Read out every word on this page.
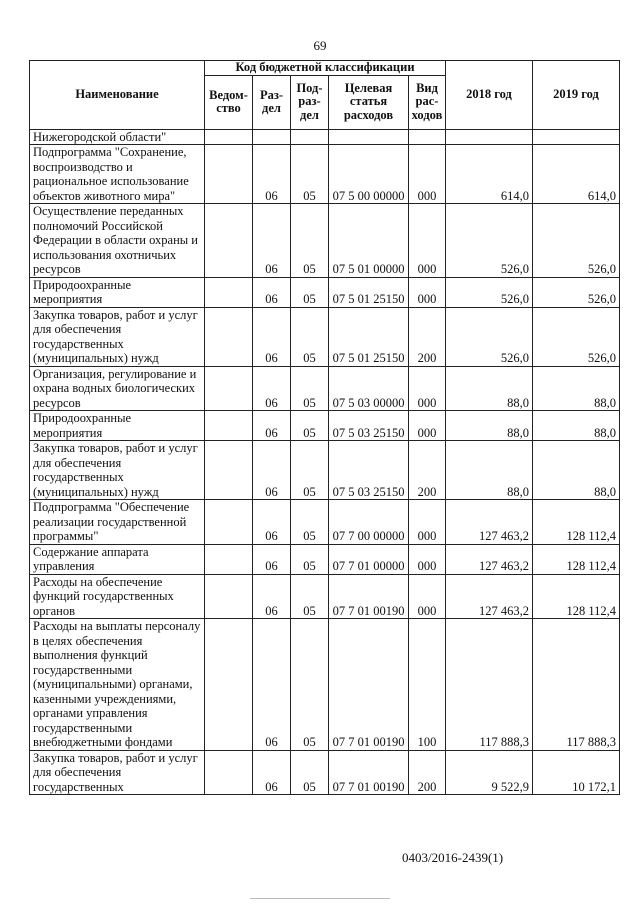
69
Наименование	Код бюджетной классификации					2018 год	2019 год
	Ведом-ство	Раз-дел	Под-раз-дел	Целевая статья расходов	Вид рас-ходов		
Нижегородской области"							
Подпрограмма "Сохранение, воспроизводство и рациональное использование объектов животного мира"		06	05	07 5 00 00000	000	614,0	614,0
Осуществление переданных полномочий Российской Федерации в области охраны и использования охотничьих ресурсов		06	05	07 5 01 00000	000	526,0	526,0
Природоохранные мероприятия		06	05	07 5 01 25150	000	526,0	526,0
Закупка товаров, работ и услуг для обеспечения государственных (муниципальных) нужд		06	05	07 5 01 25150	200	526,0	526,0
Организация, регулирование и охрана водных биологических ресурсов		06	05	07 5 03 00000	000	88,0	88,0
Природоохранные мероприятия		06	05	07 5 03 25150	000	88,0	88,0
Закупка товаров, работ и услуг для обеспечения государственных (муниципальных) нужд		06	05	07 5 03 25150	200	88,0	88,0
Подпрограмма "Обеспечение реализации государственной программы"		06	05	07 7 00 00000	000	127 463,2	128 112,4
Содержание аппарата управления		06	05	07 7 01 00000	000	127 463,2	128 112,4
Расходы на обеспечение функций государственных органов		06	05	07 7 01 00190	000	127 463,2	128 112,4
Расходы на выплаты персоналу в целях обеспечения выполнения функций государственными (муниципальными) органами, казенными учреждениями, органами управления государственными внебюджетными фондами		06	05	07 7 01 00190	100	117 888,3	117 888,3
Закупка товаров, работ и услуг для обеспечения государственных		06	05	07 7 01 00190	200	9 522,9	10 172,1
0403/2016-2439(1)
